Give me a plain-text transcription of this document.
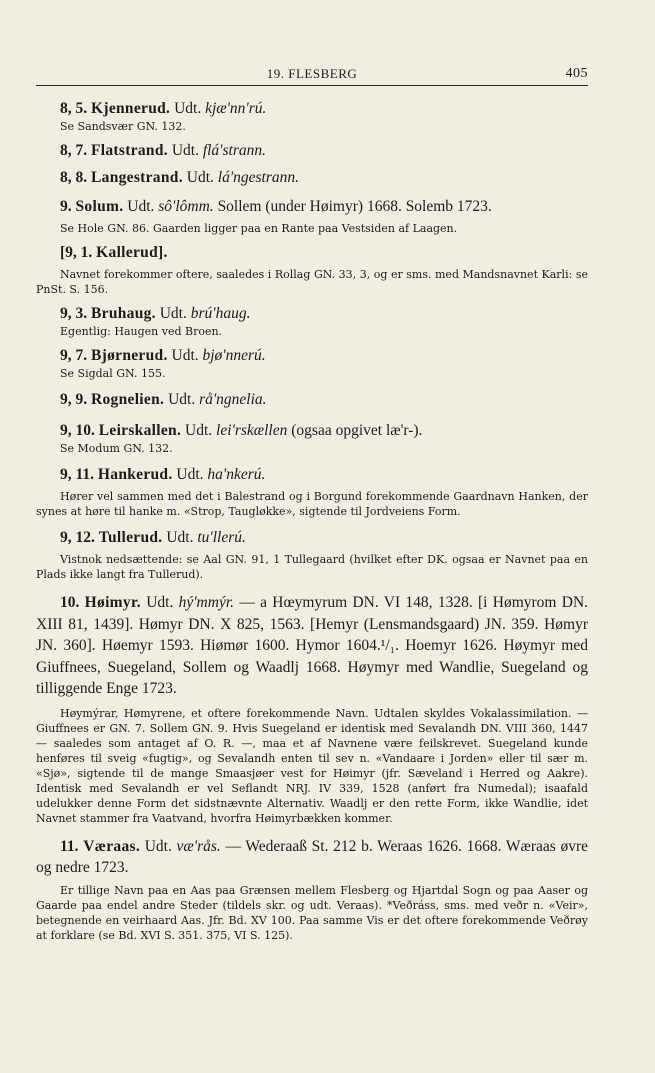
19. FLESBERG	405

8, 5. Kjennerud. Udt. kjæ'nn'rú.

Se Sandsvær GN. 132.

8, 7. Flatstrand. Udt. flá'strann.

8, 8. Langestrand. Udt. lá'ngestrann.

9. Solum. Udt. sô'lômm. Sollem (under Høimyr) 1668. Solemb 1723.

Se Hole GN. 86. Gaarden ligger paa en Rante paa Vestsiden af Laagen.

[9, 1. Kallerud].

Navnet forekommer oftere, saaledes i Rollag GN. 33, 3, og er sms. med Mandsnavnet Karli: se PnSt. S. 156.

9, 3. Bruhaug. Udt. brú'haug.

Egentlig: Haugen ved Broen.

9, 7. Bjørnerud. Udt. bjø'nnerú.

Se Sigdal GN. 155.

9, 9. Rognelien. Udt. rå'ngnelia.

9, 10. Leirskallen. Udt. lei'rskællen (ogsaa opgivet læ'r-).

Se Modum GN. 132.

9, 11. Hankerud. Udt. ha'nkerú.

Hører vel sammen med det i Balestrand og i Borgund forekommende Gaardnavn Hanken, der synes at høre til hanke m. «Strop, Taugløkke», sigtende til Jordveiens Form.

9, 12. Tullerud. Udt. tu'llerú.

Vistnok nedsættende: se Aal GN. 91, 1 Tullegaard (hvilket efter DK. ogsaa er Navnet paa en Plads ikke langt fra Tullerud).

10. Høimyr. Udt. hý'mmýr. — a Hœymyrum DN. VI 148, 1328. [i Hømyrom DN. XIII 81, 1439]. Hømyr DN. X 825, 1563. [Hemyr (Lensmandsgaard) JN. 359. Hømyr JN. 360]. Høemyr 1593. Hiømør 1600. Hymor 1604.¹/₁. Hoemyr 1626. Høymyr med Giuffnees, Suegeland, Sollem og Waadlj 1668. Høymyr med Wandlie, Suegeland og tilliggende Enge 1723.

Høymýrar, Hømyrene, et oftere forekommende Navn. Udtalen skyldes Vokalassimilation. — Giuffnees er GN. 7. Sollem GN. 9. Hvis Suegeland er identisk med Sevalandh DN. VIII 360, 1447 — saaledes som antaget af O. R. —, maa et af Navnene være feilskrevet. Suegeland kunde henføres til sveig «fugtig», og Sevalandh enten til sev n. «Vandaare i Jorden» eller til sær m. «Sjø», sigtende til de mange Smaasjøer vest for Høimyr (jfr. Sæveland i Herred og Aakre). Identisk med Sevalandh er vel Seflandt NRJ. IV 339, 1528 (anført fra Numedal); isaafald udelukker denne Form det sidstnævnte Alternativ. Waadlj er den rette Form, ikke Wandlie, idet Navnet stammer fra Vaatvand, hvorfra Høimyrbækken kommer.

11. Væraas. Udt. væ'rås. — Wederaaß St. 212 b. Weraas 1626. 1668. Wæraas øvre og nedre 1723.

Er tillige Navn paa en Aas paa Grænsen mellem Flesberg og Hjartdal Sogn og paa Aaser og Gaarde paa endel andre Steder (tildels skr. og udt. Veraas). *Veðráss, sms. med veðr n. «Veir», betegnende en veirhaard Aas. Jfr. Bd. XV 100. Paa samme Vis er det oftere forekommende Veðrøy at forklare (se Bd. XVI S. 351. 375, VI S. 125).
